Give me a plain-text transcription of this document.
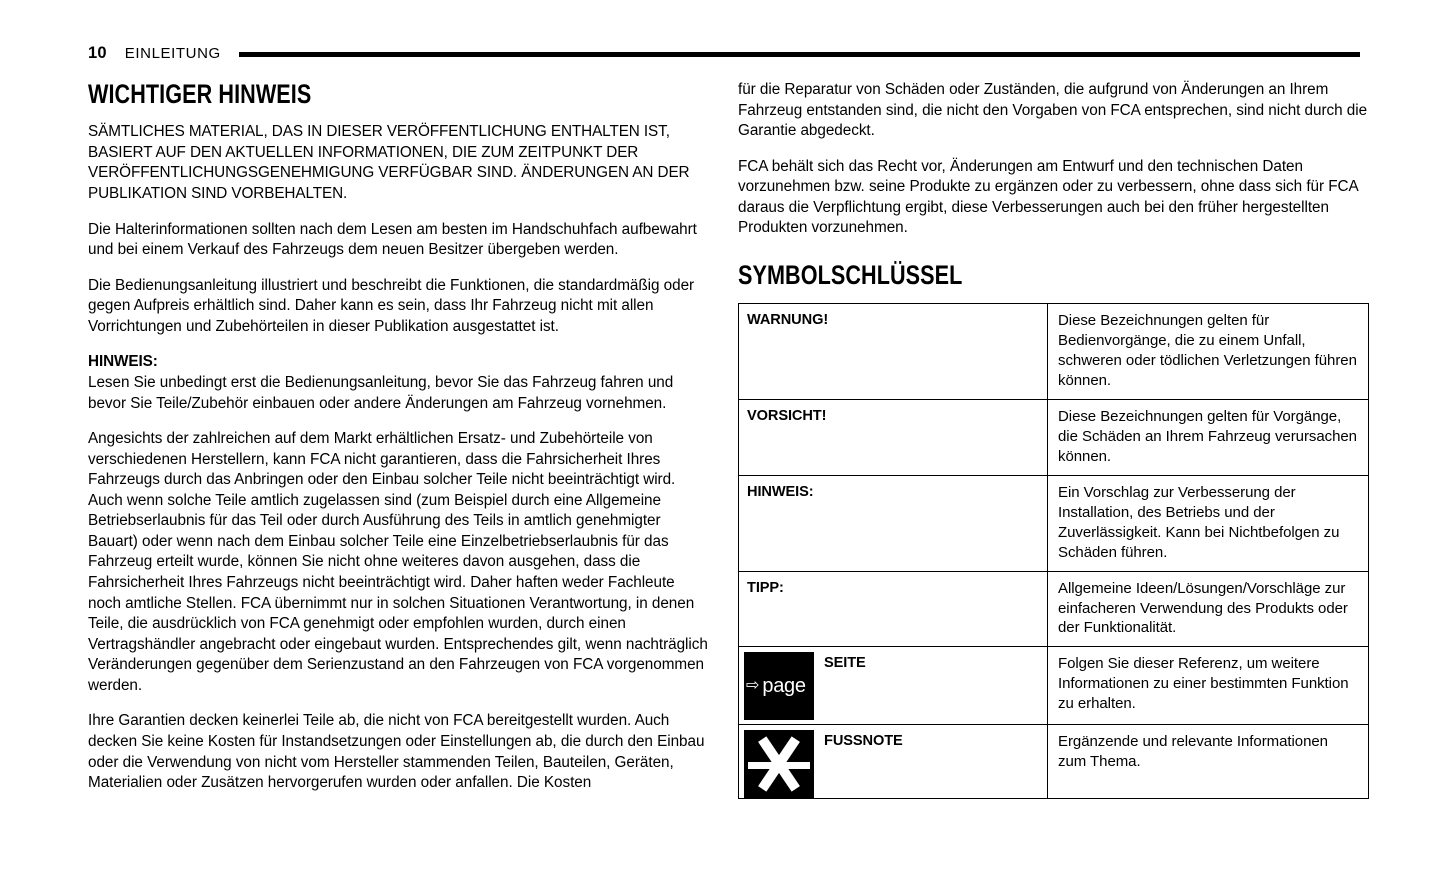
10 EINLEITUNG
WICHTIGER HINWEIS

SÄMTLICHES MATERIAL, DAS IN DIESER VERÖFFENTLICHUNG ENTHALTEN IST, BASIERT AUF DEN AKTUELLEN INFORMATIONEN, DIE ZUM ZEITPUNKT DER VERÖFFENTLICHUNGSGENEHMIGUNG VERFÜGBAR SIND. ÄNDERUNGEN AN DER PUBLIKATION SIND VORBEHALTEN.

Die Halterinformationen sollten nach dem Lesen am besten im Handschuhfach aufbewahrt und bei einem Verkauf des Fahrzeugs dem neuen Besitzer übergeben werden.

Die Bedienungsanleitung illustriert und beschreibt die Funktionen, die standardmäßig oder gegen Aufpreis erhältlich sind. Daher kann es sein, dass Ihr Fahrzeug nicht mit allen Vorrichtungen und Zubehörteilen in dieser Publikation ausgestattet ist.

HINWEIS:

Lesen Sie unbedingt erst die Bedienungsanleitung, bevor Sie das Fahrzeug fahren und bevor Sie Teile/Zubehör einbauen oder andere Änderungen am Fahrzeug vornehmen.

Angesichts der zahlreichen auf dem Markt erhältlichen Ersatz- und Zubehörteile von verschiedenen Herstellern, kann FCA nicht garantieren, dass die Fahrsicherheit Ihres Fahrzeugs durch das Anbringen oder den Einbau solcher Teile nicht beeinträchtigt wird. Auch wenn solche Teile amtlich zugelassen sind (zum Beispiel durch eine Allgemeine Betriebserlaubnis für das Teil oder durch Ausführung des Teils in amtlich genehmigter Bauart) oder wenn nach dem Einbau solcher Teile eine Einzelbetriebserlaubnis für das Fahrzeug erteilt wurde, können Sie nicht ohne weiteres davon ausgehen, dass die Fahrsicherheit Ihres Fahrzeugs nicht beeinträchtigt wird. Daher haften weder Fachleute noch amtliche Stellen. FCA übernimmt nur in solchen Situationen Verantwortung, in denen Teile, die ausdrücklich von FCA genehmigt oder empfohlen wurden, durch einen Vertragshändler angebracht oder eingebaut wurden. Entsprechendes gilt, wenn nachträglich Veränderungen gegenüber dem Serienzustand an den Fahrzeugen von FCA vorgenommen werden.

Ihre Garantien decken keinerlei Teile ab, die nicht von FCA bereitgestellt wurden. Auch decken Sie keine Kosten für Instandsetzungen oder Einstellungen ab, die durch den Einbau oder die Verwendung von nicht vom Hersteller stammenden Teilen, Bauteilen, Geräten, Materialien oder Zusätzen hervorgerufen wurden oder anfallen. Die Kosten

für die Reparatur von Schäden oder Zuständen, die aufgrund von Änderungen an Ihrem Fahrzeug entstanden sind, die nicht den Vorgaben von FCA entsprechen, sind nicht durch die Garantie abgedeckt.

FCA behält sich das Recht vor, Änderungen am Entwurf und den technischen Daten vorzunehmen bzw. seine Produkte zu ergänzen oder zu verbessern, ohne dass sich für FCA daraus die Verpflichtung ergibt, diese Verbesserungen auch bei den früher hergestellten Produkten vorzunehmen.

SYMBOLSCHLÜSSEL
WARNUNG!	Diese Bezeichnungen gelten für Bedienvorgänge, die zu einem Unfall, schweren oder tödlichen Verletzungen führen können.

VORSICHT!	Diese Bezeichnungen gelten für Vorgänge, die Schäden an Ihrem Fahrzeug verursachen können.

HINWEIS:	Ein Vorschlag zur Verbesserung der Installation, des Betriebs und der Zuverlässigkeit. Kann bei Nichtbefolgen zu Schäden führen.

TIPP:	Allgemeine Ideen/Lösungen/Vorschläge zur einfacheren Verwendung des Produkts oder der Funktionalität.

⇨ page
SEITE	Folgen Sie dieser Referenz, um weitere Informationen zu einer bestimmten Funktion zu erhalten.

FUSSNOTE	Ergänzende und relevante Informationen zum Thema.
